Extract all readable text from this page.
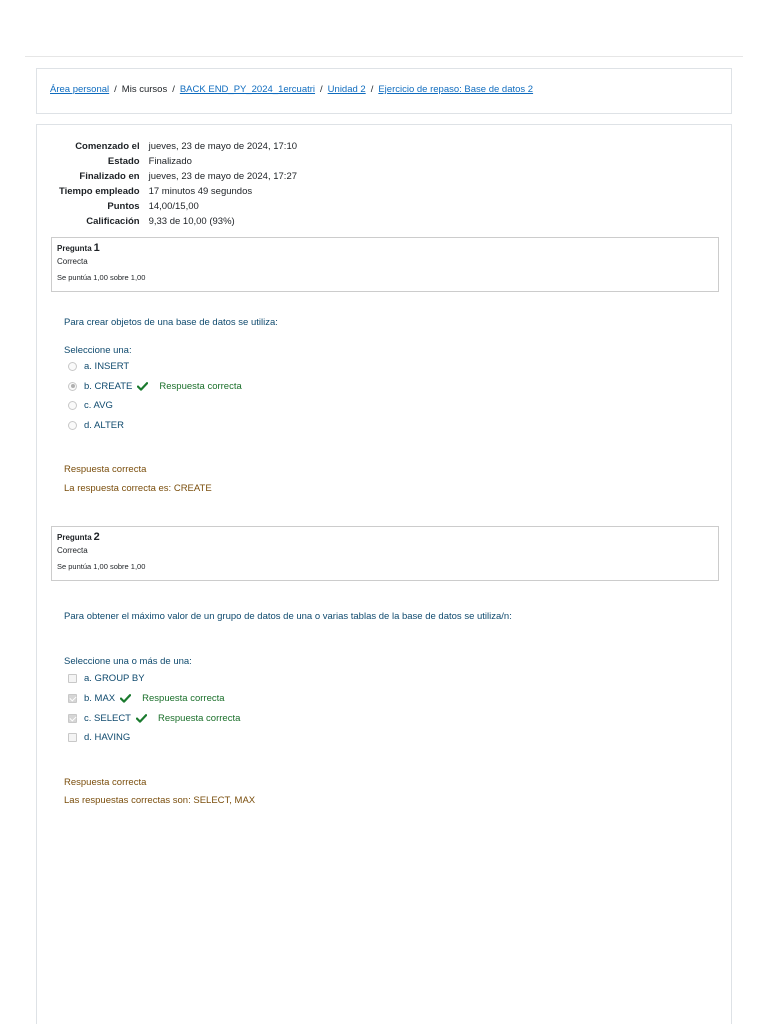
Área personal / Mis cursos / BACK END_PY_2024_1ercuatri / Unidad 2 / Ejercicio de repaso: Base de datos 2
Comenzado el	jueves, 23 de mayo de 2024, 17:10
Estado	Finalizado
Finalizado en	jueves, 23 de mayo de 2024, 17:27
Tiempo empleado	17 minutos 49 segundos
Puntos	14,00/15,00
Calificación	9,33 de 10,00 (93%)
Pregunta 1
Correcta
Se puntúa 1,00 sobre 1,00
Para crear objetos de una base de datos se utiliza:
Seleccione una:
a. INSERT
b. CREATE	Respuesta correcta
c. AVG
d. ALTER
Respuesta correcta
La respuesta correcta es: CREATE
Pregunta 2
Correcta
Se puntúa 1,00 sobre 1,00
Para obtener el máximo valor de un grupo de datos de una o varias tablas de la base de datos se utiliza/n:
Seleccione una o más de una:
a. GROUP BY
b. MAX	Respuesta correcta
c. SELECT	Respuesta correcta
d. HAVING
Respuesta correcta
Las respuestas correctas son: SELECT, MAX
